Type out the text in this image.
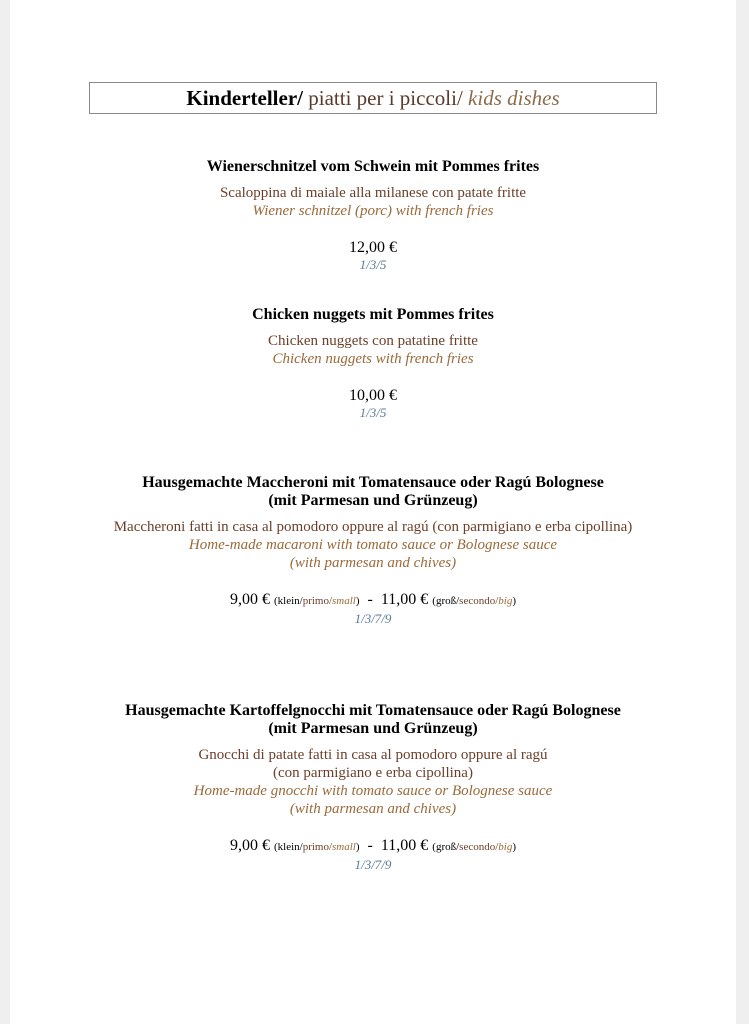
Kinderteller/ piatti per i piccoli/ kids dishes
Wienerschnitzel vom Schwein mit Pommes frites
Scaloppina di maiale alla milanese con patate fritte
Wiener schnitzel (porc) with french fries
12,00 €
1/3/5
Chicken nuggets mit Pommes frites
Chicken nuggets con patatine fritte
Chicken nuggets with french fries
10,00 €
1/3/5
Hausgemachte Maccheroni mit Tomatensauce oder Ragú Bolognese
(mit Parmesan und Grünzeug)
Maccheroni fatti in casa al pomodoro oppure al ragú (con parmigiano e erba cipollina)
Home-made macaroni with tomato sauce or Bolognese sauce
(with parmesan and chives)
9,00 € (klein/primo/small) - 11,00 € (groß/secondo/big)
1/3/7/9
Hausgemachte Kartoffelgnocchi mit Tomatensauce oder Ragú Bolognese
(mit Parmesan und Grünzeug)
Gnocchi di patate fatti in casa al pomodoro oppure al ragú
(con parmigiano e erba cipollina)
Home-made gnocchi with tomato sauce or Bolognese sauce
(with parmesan and chives)
9,00 € (klein/primo/small) - 11,00 € (groß/secondo/big)
1/3/7/9
